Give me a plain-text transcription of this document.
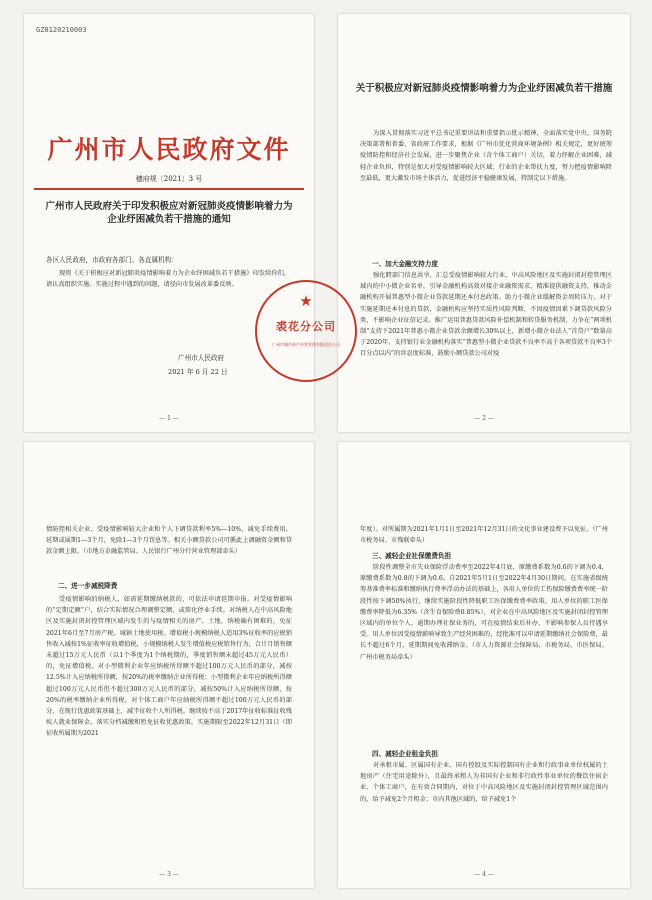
GZ0120210003
广州市人民政府文件
穗府规〔2021〕3 号
广州市人民政府关于印发积极应对新冠肺炎疫情影响着力为企业纾困减负若干措施的通知
各区人民政府，市政府各部门、各直属机构：
现将《关于积极应对新冠肺炎疫情影响着力为企业纾困减负若干措施》印发给你们，请认真组织实施。实施过程中遇到的问题，请径向市发展改革委反映。
广州市人民政府
2021 年 6 月 22 日
— 1 —
关于积极应对新冠肺炎疫情影响着力为企业纾困减负若干措施
为深入贯彻落实习近平总书记重要讲话和重要指示批示精神，全面落实党中央、国务院决策部署和省委、省政府工作要求，根据《广州市优化营商环境条例》相关规定，更好统筹疫情防控和经济社会发展，进一步聚焦企业（含个体工商户）关切，着力纾解企业困难，减轻企业负担，特别是加大对受疫情影响较大区域、行业的企业帮扶力度，努力把疫情影响降至最低，更大激发市场主体活力，促进经济平稳健康发展，特制定以下措施。
一、加大金融支持力度
强化跨部门信息共享，汇总受疫情影响较大行业、中高风险地区及实施封闭封控管理区域内的中小微企业名单，引导金融机构高效对接企业融资需求，精准提供融资支持，推动金融机构开展普惠型小微企业贷款延期还本付息政策。助力小微企业缓解资金周转压力，对于实施延期还本付息的贷款，金融机构应坚持实质性风险判断，不因疫情因素下调贷款风险分类，不影响企业征信记录。推广运用普惠贷款风险补偿机制和转贷服务机制，力争在“两项机制”支持下2021年普惠小微企业贷款余额增长30%以上，新增小微企业法人“首贷户”数量高于2020年，支持银行业金融机构落实“普惠型小微企业贷款不良率不高于各项贷款不良率3个百分点以内”的容忍度标准，鼓励小额贷款公司对疫
— 2 —
情防控相关企业、受疫情影响较大企业和个人下调贷款利率5%—10%，减免手续费用，延期或展期1—3个月，免除1—3个月罚息等。相关小额贷款公司可循此上调融资金额和贷款金额上限。（市地方金融监管局、人民银行广州分行营业管理部牵头）
二、进一步减税降费
受疫情影响的纳税人，如需延期缴纳税款的，可依法申请延期申报。对受疫情影响的“定期定额”户，结合实际情况合理调整定额，或简化停业手续。对纳税人在中高风险地区及实施封闭封控管理区域内发生的与疫情相关的房产、土地，纳税确有困难的，免征2021年6月至7月房产税、城镇土地使用税。增值税小规模纳税人适用3%征收率的应税销售收入减按1%征收率征收增值税，小规模纳税人发生增值税应税销售行为，合计月销售额未超过15万元人民币（以1个季度为1个纳税期的，季度销售额未超过45万元人民币）的，免征增值税。对小型微利企业年应纳税所得额不超过100万元人民币的部分，减按12.5%计入应纳税所得额，按20%的税率缴纳企业所得税；小型微利企业年应纳税所得额超过100万元人民币但不超过300万元人民币的部分，减按50%计入应纳税所得额，按20%的税率缴纳企业所得税。对个体工商户年应纳税所得额不超过100万元人民币的部分，在现行优惠政策基础上，减半征收个人所得税。继续按不高于2017年征收标准征收残疾人就业保障金，落实分档减缴和暂免征收优惠政策，实施期限至2022年12月31日（即征收所属期为2021
— 3 —
年度）。对所属期为2021年1月1日至2021年12月31日的文化事业建设费予以免征。（广州市税务局、市残联牵头）
三、减轻企业社保缴费负担
阶段性调整全市失业保险浮动费率至2022年4月底，原缴费系数为0.6的下调为0.4，原缴费系数为0.8的下调为0.6。自2021年5月1日至2022年4月30日期间，在实施省级统筹基准费率标准和缴纳执行费率浮动办法的基础上，各用人单位的工伤保险缴费费率统一阶段性按下调50%执行，继续实施阶段性降低职工医保缴费费率政策，用人单位的职工医保缴费率降低为6.35%（含生育保险费0.85%），对企业在中高风险地区及实施封闭封控管理区域内的单位个人，逾期办理社保业务的，可在疫情结束后补办，不影响参保人员待遇享受。用人单位因受疫情影响导致生产经营困难的，经批准可以申请延期缴纳社会保险费，最长不超过6个月，延期期间免收滞纳金。（市人力资源社会保障局、市税务局、市医保局、广州市税务局牵头）
四、减轻企业租金负担
对承租市属、区属国有企业、国有控股及实际控制国有企业和行政事业单位权属的土地房产（住宅用途除外），且最终承租人为非国有企业和非行政性事业单位的餐饮住宿企业、个体工商户，在有效合同期内，对位于中高风险地区及实施封闭封控管理区域范围内的，给予减免2个月租金；市内其他区域的，给予减免1个
— 4 —
★
裘花分公司
广州市城市资产经营管理有限责任公司
